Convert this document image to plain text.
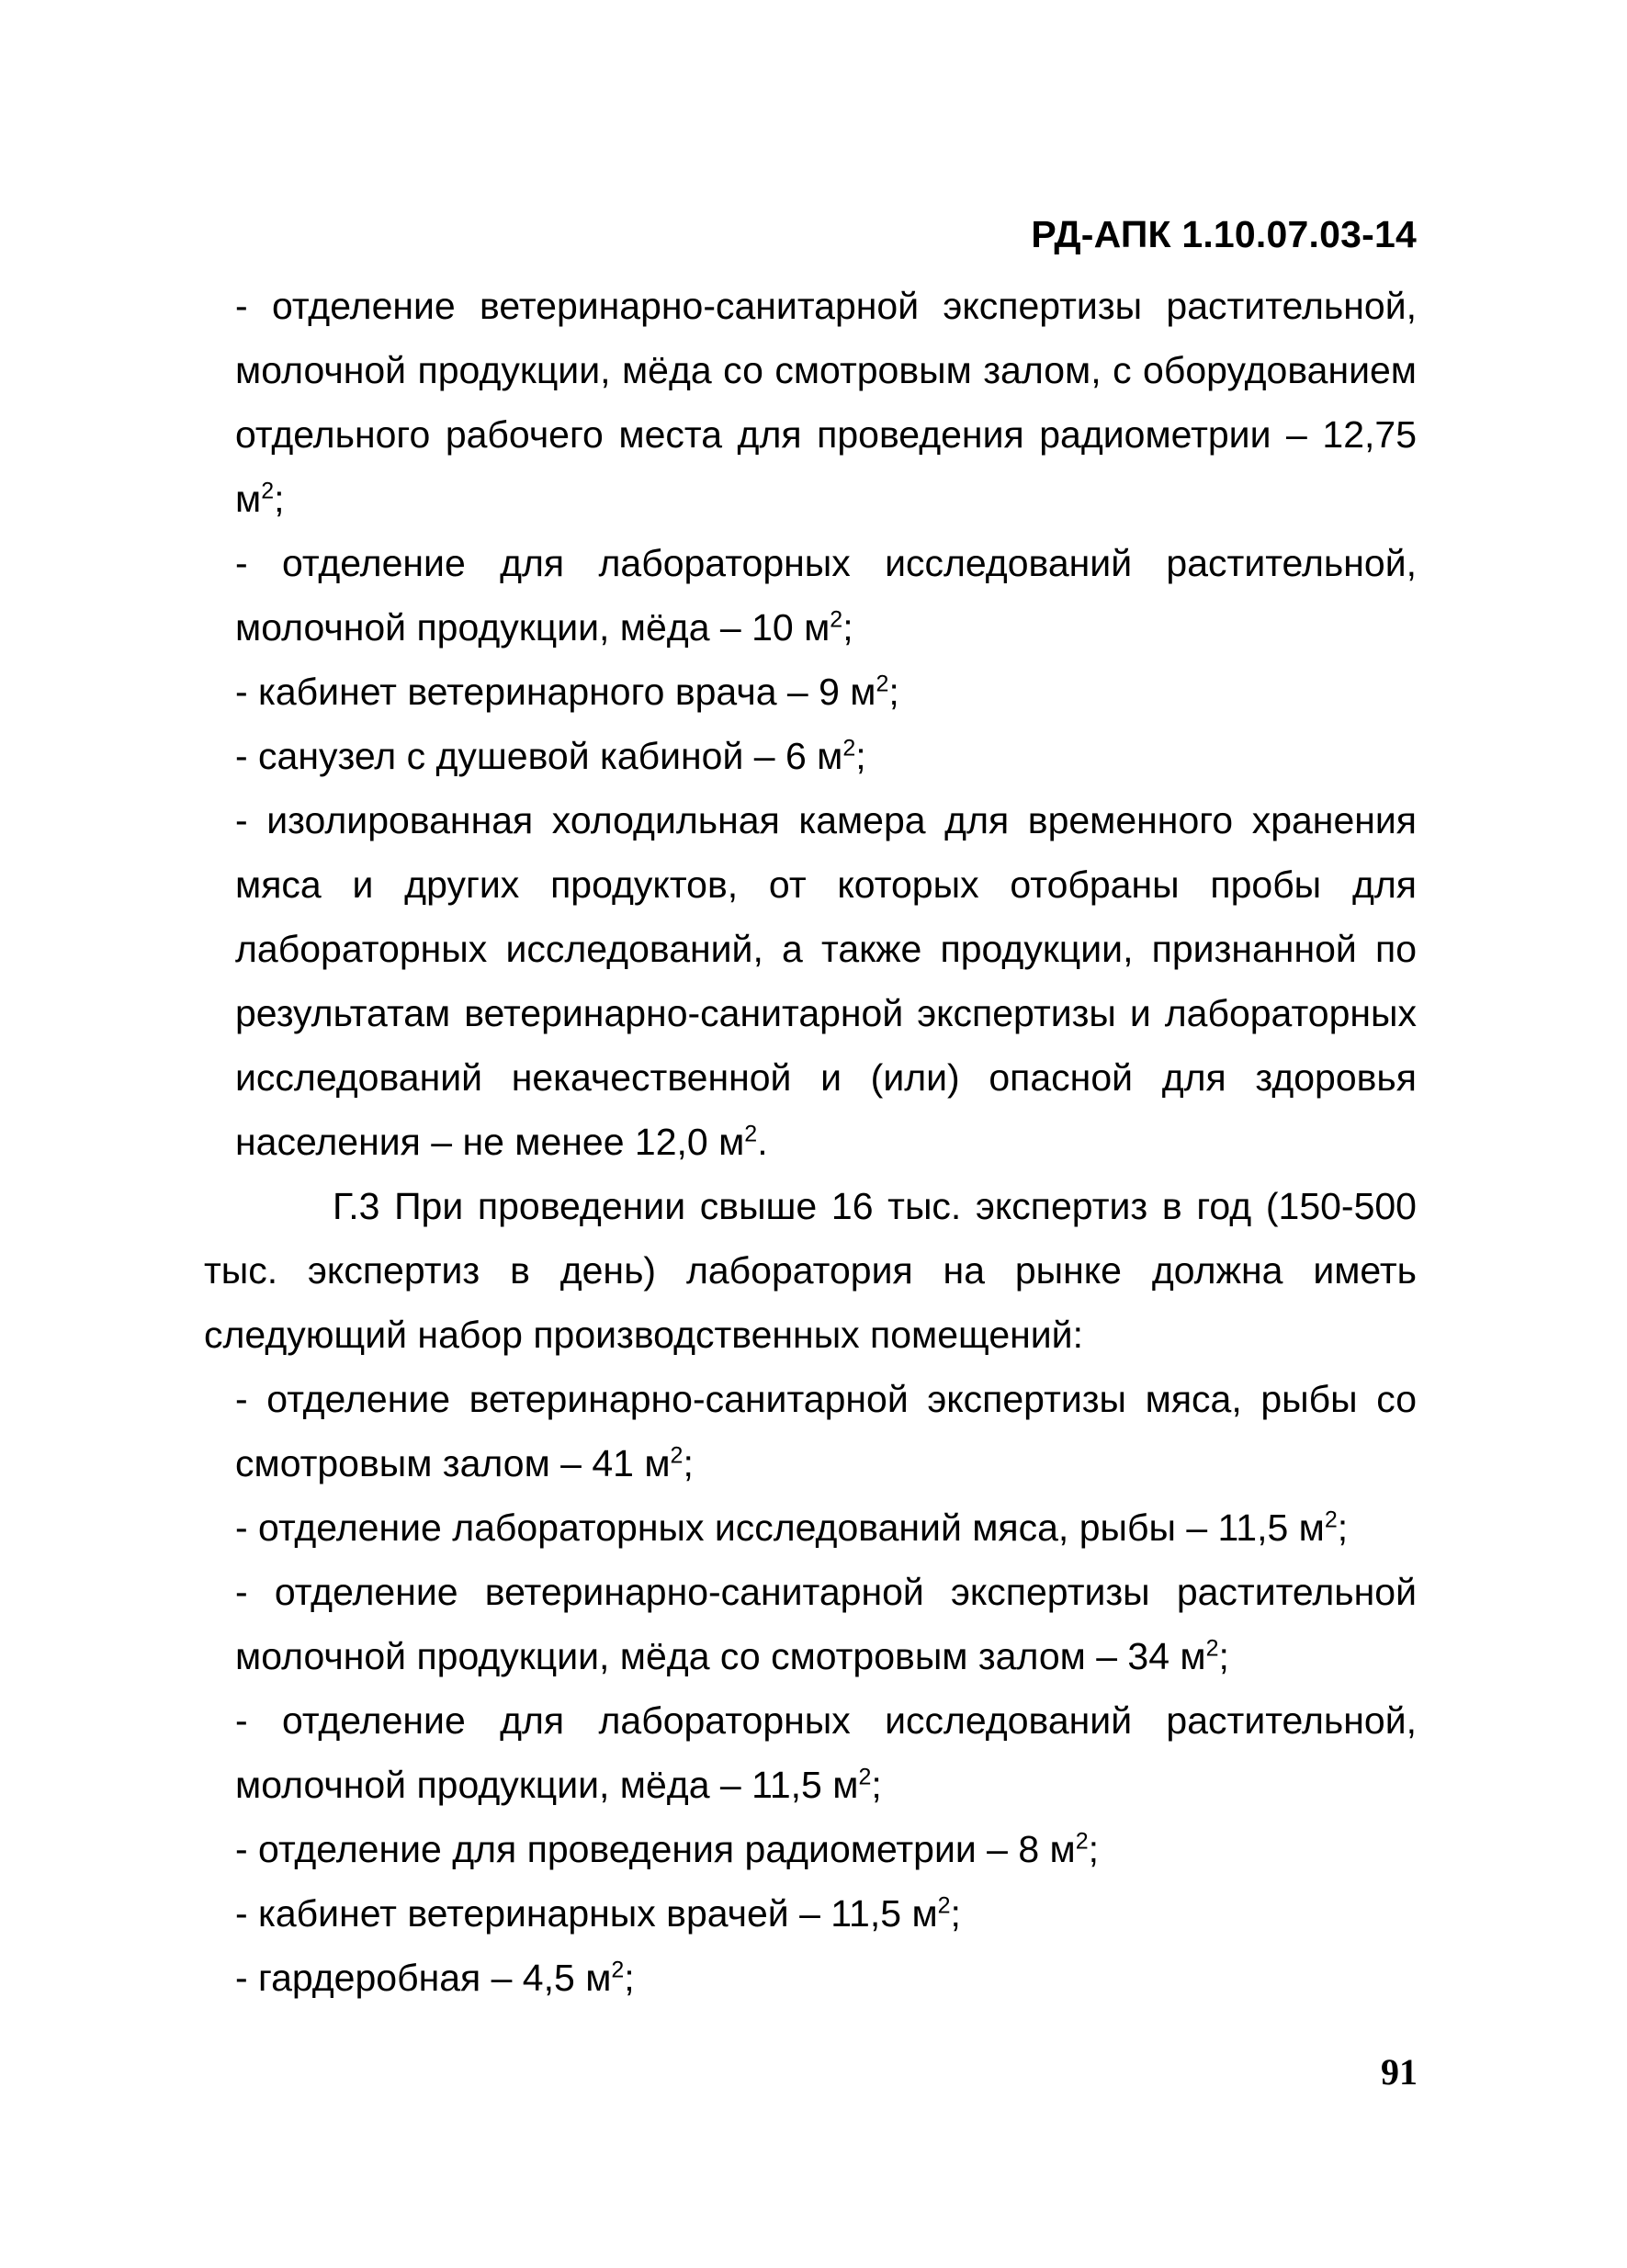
РД-АПК 1.10.07.03-14

- отделение ветеринарно-санитарной экспертизы растительной, молочной продукции, мёда со смотровым залом, с оборудованием отдельного рабочего места для проведения радиометрии – 12,75 $м^2$;

- отделение для лабораторных исследований растительной, молочной продукции, мёда – 10 $м^2$;

- кабинет ветеринарного врача – 9 $м^2$;

- санузел с душевой кабиной – 6 $м^2$;

- изолированная холодильная камера для временного хранения мяса и других продуктов, от которых отобраны пробы для лабораторных исследований, а также продукции, признанной по результатам ветеринарно-санитарной экспертизы и лабораторных исследований некачественной и (или) опасной для здоровья населения – не менее 12,0 $м^2$.

Г.3 При проведении свыше 16 тыс. экспертиз в год (150-500 тыс. экспертиз в день) лаборатория на рынке должна иметь следующий набор производственных помещений:

- отделение ветеринарно-санитарной экспертизы мяса, рыбы со смотровым залом – 41 $м^2$;

- отделение лабораторных исследований мяса, рыбы – 11,5 $м^2$;

- отделение ветеринарно-санитарной экспертизы растительной молочной продукции, мёда со смотровым залом – 34 $м^2$;

- отделение для лабораторных исследований растительной, молочной продукции, мёда – 11,5 $м^2$;

- отделение для проведения радиометрии – 8 $м^2$;

- кабинет ветеринарных врачей – 11,5 $м^2$;

- гардеробная – 4,5 $м^2$;

91
